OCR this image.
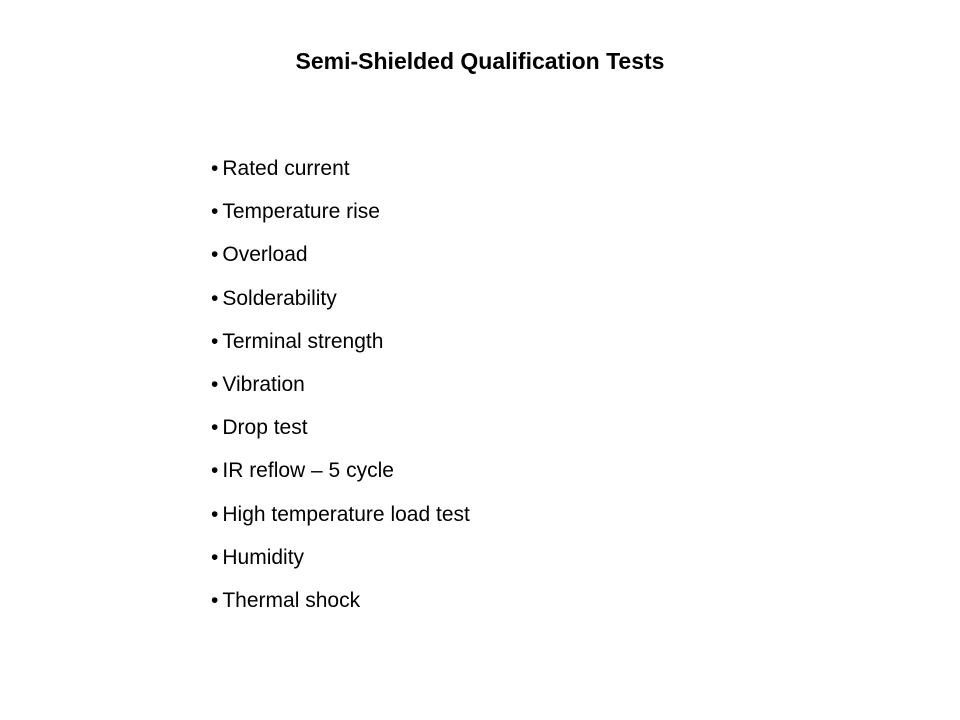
Semi-Shielded Qualification Tests
• Rated current
• Temperature rise
• Overload
• Solderability
• Terminal strength
• Vibration
• Drop test
• IR reflow – 5 cycle
• High temperature load test
• Humidity
• Thermal shock
